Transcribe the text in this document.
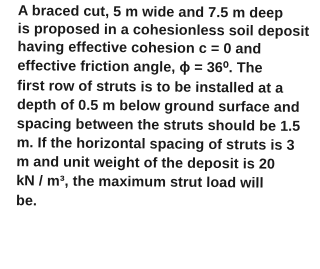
A braced cut, 5 m wide and 7.5 m deep

is proposed in a cohesionless soil deposit

having effective cohesion c = 0 and

effective friction angle, ϕ = 36⁰. The

first row of struts is to be installed at a

depth of 0.5 m below ground surface and

spacing between the struts should be 1.5

m. If the horizontal spacing of struts is 3

m and unit weight of the deposit is 20

kN / m³, the maximum strut load will

be.
